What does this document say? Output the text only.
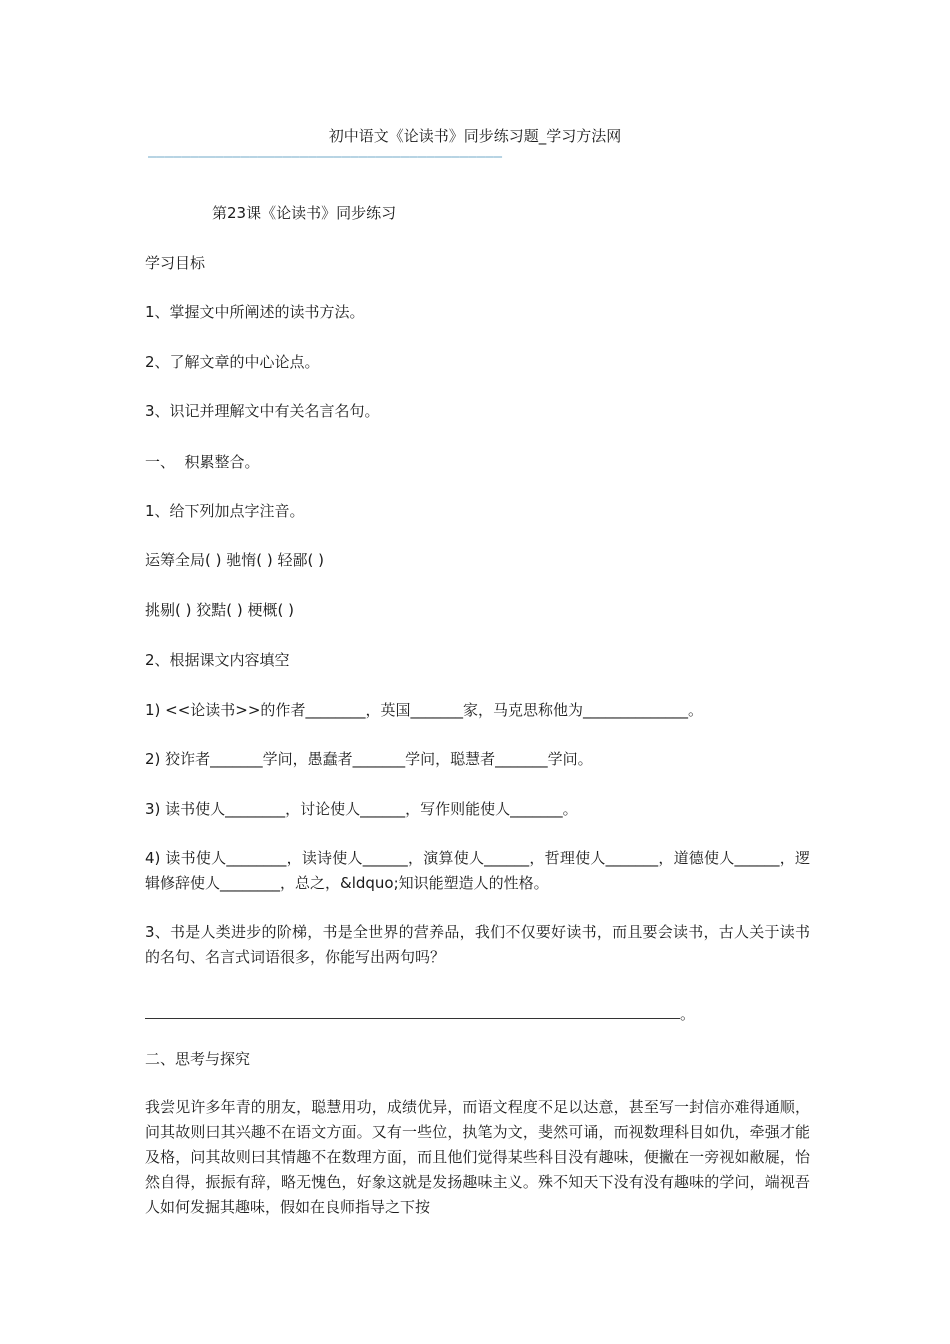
初中语文《论读书》同步练习题_学习方法网
——————————————————————————————————————————
第23课《论读书》同步练习
学习目标
1、掌握文中所阐述的读书方法。
2、了解文章的中心论点。
3、识记并理解文中有关名言名句。
一、  积累整合。
1、给下列加点字注音。
运筹全局( ) 驰惰( ) 轻鄙( )
挑剔( ) 狡黠( ) 梗概( )
2、根据课文内容填空
1) <<论读书>>的作者________，英国_______家，马克思称他为______________。
2) 狡诈者_______学问，愚蠢者_______学问，聪慧者_______学问。
3) 读书使人________，讨论使人______，写作则能使人_______。
4) 读书使人________，读诗使人______，演算使人______，哲理使人_______，道德使人______，逻辑修辞使人________，总之，&ldquo;知识能塑造人的性格。
3、书是人类进步的阶梯，书是全世界的营养品，我们不仅要好读书，而且要会读书，古人关于读书的名句、名言式词语很多，你能写出两句吗？
。
二、思考与探究
我尝见许多年青的朋友，聪慧用功，成绩优异，而语文程度不足以达意，甚至写一封信亦难得通顺，问其故则曰其兴趣不在语文方面。又有一些位，执笔为文，斐然可诵，而视数理科目如仇，牵强才能及格，问其故则曰其情趣不在数理方面，而且他们觉得某些科目没有趣味，便撇在一旁视如敝屣，怡然自得，振振有辞，略无愧色，好象这就是发扬趣味主义。殊不知天下没有没有趣味的学问，端视吾人如何发掘其趣味，假如在良师指导之下按
